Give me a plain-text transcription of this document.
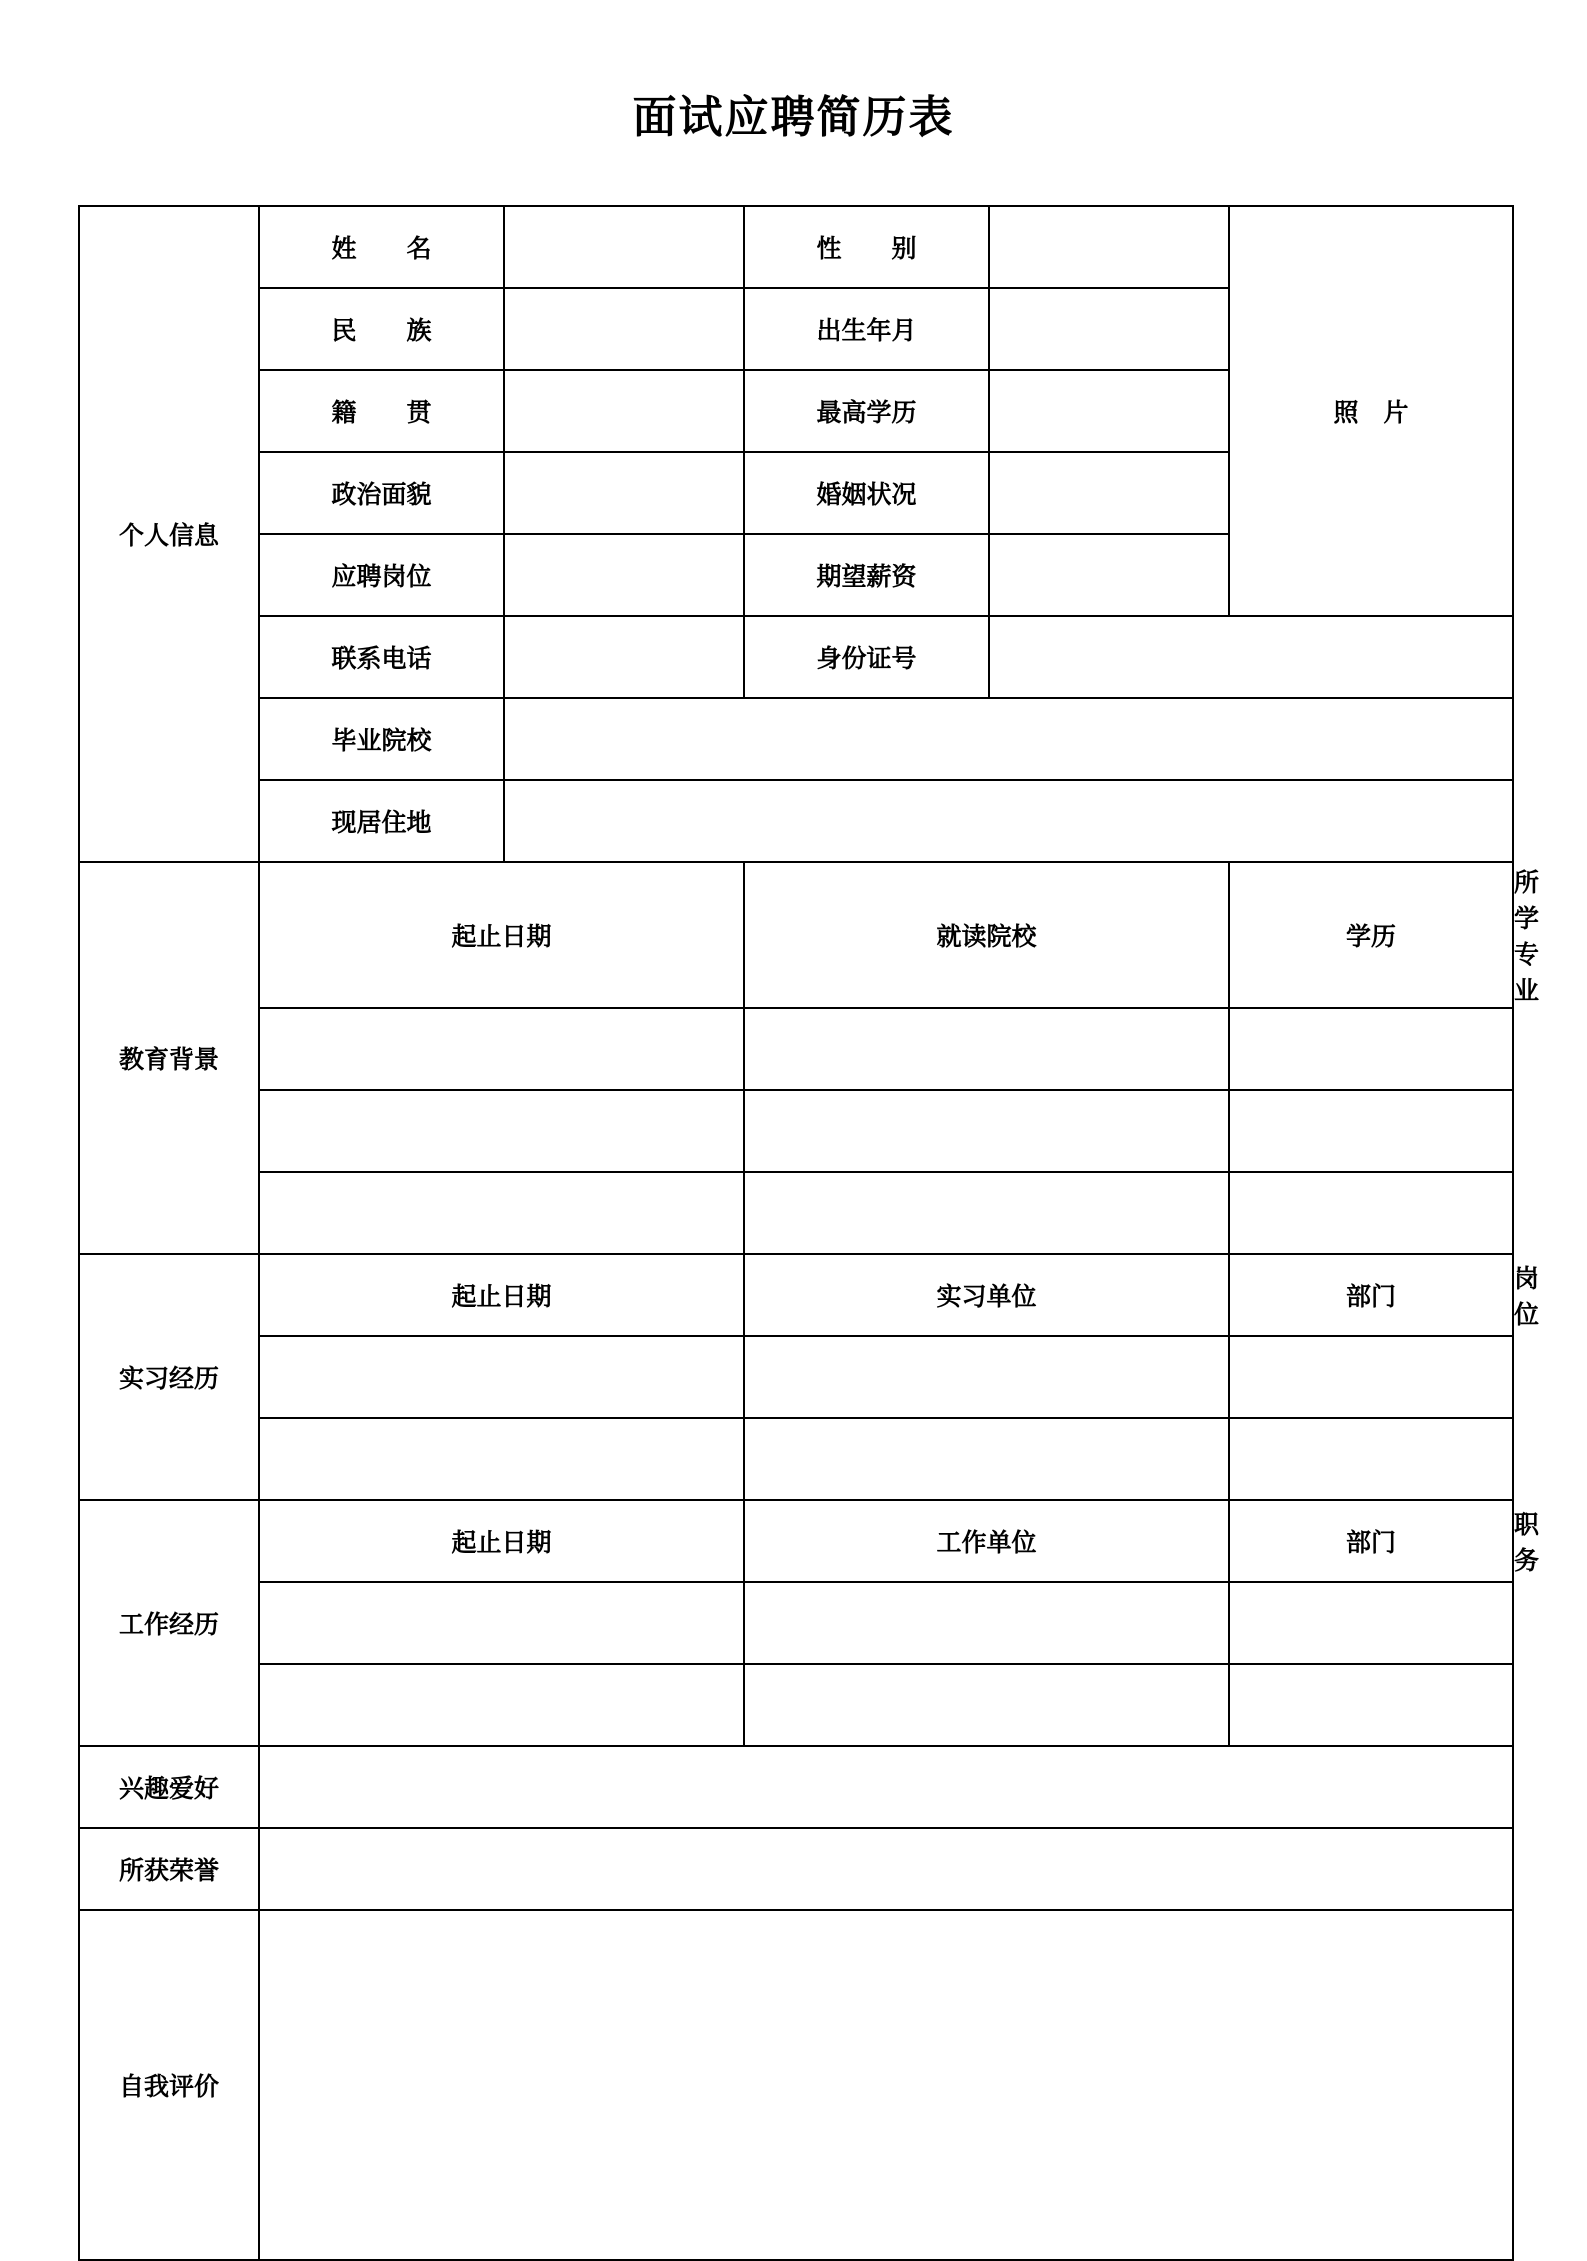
面试应聘简历表
个人信息	姓　　名		性　　别		照　片	
	民　　族		出生年月			
	籍　　贯		最高学历			
	政治面貌		婚姻状况			
	应聘岗位		期望薪资			
	联系电话		身份证号			
	毕业院校					
	现居住地					
教育背景	起止日期		就读院校		学历	所学专业

实习经历	起止日期		实习单位		部门	岗位

工作经历	起止日期		工作单位		部门	职务

兴趣爱好						
所获荣誉						
自我评价						
